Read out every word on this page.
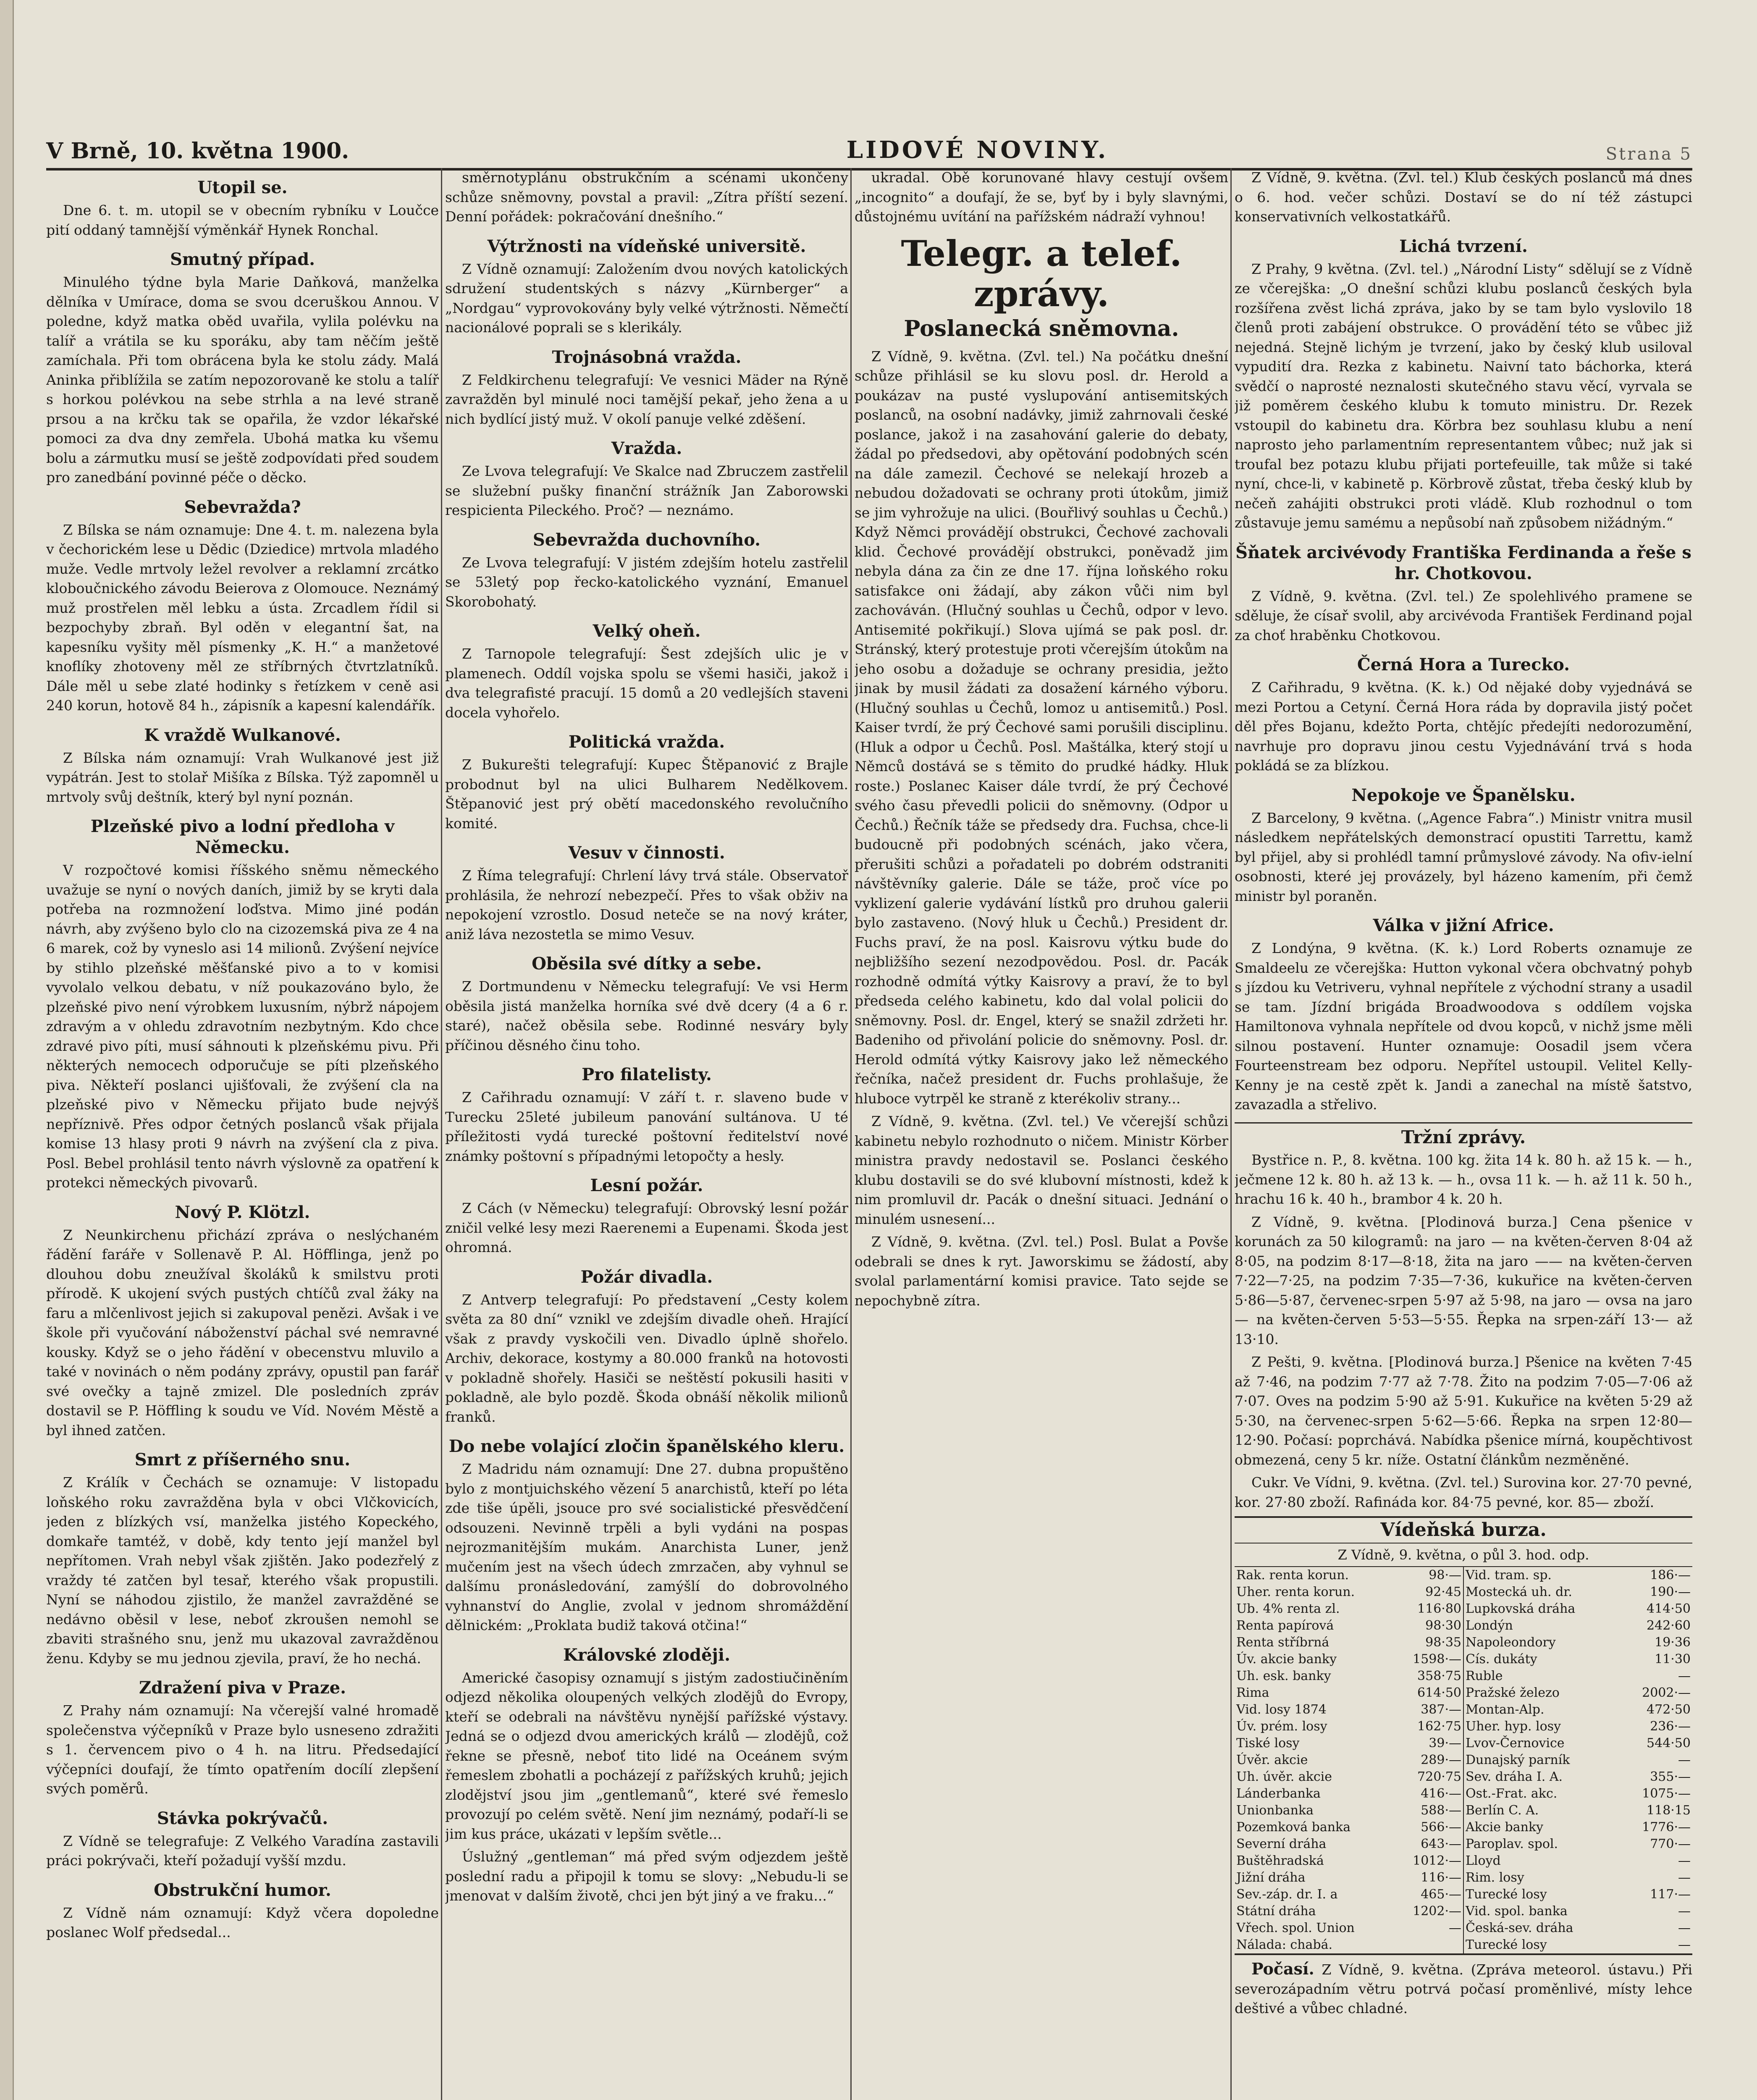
V Brně, 10. května 1900.	LIDOVÉ NOVINY.	Strana 5
Utopil se.

Dne 6. t. m. utopil se v obecním rybníku v Loučce pití oddaný tamnější výměnkář Hynek Ronchal.

Smutný případ.

Minulého týdne byla Marie Daňková, manželka dělníka v Umírace, doma se svou dceruškou Annou. V poledne, když matka oběd uvařila, vylila polévku na talíř a vrátila se ku sporáku, aby tam něčím ještě zamíchala. Při tom obrácena byla ke stolu zády. Malá Aninka přiblížila se zatím nepozorovaně ke stolu a talíř s horkou polévkou na sebe strhla a na levé straně prsou a na krčku tak se opařila, že vzdor lékařské pomoci za dva dny zemřela. Ubohá matka ku všemu bolu a zármutku musí se ještě zodpovídati před soudem pro zanedbání povinné péče o děcko.

Sebevražda?

Z Bílska se nám oznamuje: Dne 4. t. m. nalezena byla v čechorickém lese u Dědic (Dziedice) mrtvola mladého muže. Vedle mrtvoly ležel revolver a reklamní zrcátko kloboučnického závodu Beierova z Olomouce. Neznámý muž prostřelen měl lebku a ústa. Zrcadlem řídil si bezpochyby zbraň. Byl oděn v elegantní šat, na kapesníku vyšity měl písmenky „K. H.“ a manžetové knoflíky zhotoveny měl ze stříbrných čtvrtzlatníků. Dále měl u sebe zlaté hodinky s řetízkem v ceně asi 240 korun, hotově 84 h., zápisník a kapesní kalendářík.

K vraždě Wulkanové.

Z Bílska nám oznamují: Vrah Wulkanové jest již vypátrán. Jest to stolař Mišíka z Bílska. Týž zapomněl u mrtvoly svůj deštník, který byl nyní poznán.

Plzeňské pivo a lodní předloha v Německu.

V rozpočtové komisi říšského sněmu německého uvažuje se nyní o nových daních, jimiž by se kryti dala potřeba na rozmnožení loďstva. Mimo jiné podán návrh, aby zvýšeno bylo clo na cizozemská piva ze 4 na 6 marek, což by vyneslo asi 14 milionů. Zvýšení nejvíce by stihlo plzeňské měšťanské pivo a to v komisi vyvolalo velkou debatu, v níž poukazováno bylo, že plzeňské pivo není výrobkem luxusním, nýbrž nápojem zdravým a v ohledu zdravotním nezbytným. Kdo chce zdravé pivo píti, musí sáhnouti k plzeňskému pivu. Při některých nemocech odporučuje se píti plzeňského piva. Někteří poslanci ujišťovali, že zvýšení cla na plzeňské pivo v Německu přijato bude nejvýš nepříznivě. Přes odpor četných poslanců však přijala komise 13 hlasy proti 9 návrh na zvýšení cla z piva. Posl. Bebel prohlásil tento návrh výslovně za opatření k protekci německých pivovarů.

Nový P. Klötzl.

Z Neunkirchenu přichází zpráva o neslýchaném řádění faráře v Sollenavě P. Al. Höfflinga, jenž po dlouhou dobu zneužíval školáků k smilstvu proti přírodě. K ukojení svých pustých chtíčů zval žáky na faru a mlčenlivost jejich si zakupoval penězi. Avšak i ve škole při vyučování náboženství páchal své nemravné kousky. Když se o jeho řádění v obecenstvu mluvilo a také v novinách o něm podány zprávy, opustil pan farář své ovečky a tajně zmizel. Dle posledních zpráv dostavil se P. Höffling k soudu ve Víd. Novém Městě a byl ihned zatčen.

Smrt z příšerného snu.

Z Králík v Čechách se oznamuje: V listopadu loňského roku zavražděna byla v obci Vlčkovicích, jeden z blízkých vsí, manželka jistého Kopeckého, domkaře tamtéž, v době, kdy tento její manžel byl nepřítomen. Vrah nebyl však zjištěn. Jako podezřelý z vraždy té zatčen byl tesař, kterého však propustili. Nyní se náhodou zjistilo, že manžel zavražděné se nedávno oběsil v lese, neboť zkroušen nemohl se zbaviti strašného snu, jenž mu ukazoval zavražděnou ženu. Kdyby se mu jednou zjevila, praví, že ho nechá.

Zdražení piva v Praze.

Z Prahy nám oznamují: Na včerejší valné hromadě společenstva výčepníků v Praze bylo usneseno zdražiti s 1. červencem pivo o 4 h. na litru. Předsedající výčepníci doufají, že tímto opatřením docílí zlepšení svých poměrů.

Stávka pokrývačů.

Z Vídně se telegrafuje: Z Velkého Varadína zastavili práci pokrývači, kteří požadují vyšší mzdu.

Obstrukční humor.

Z Vídně nám oznamují: Když včera dopoledne poslanec Wolf předsedal...

směrnotyplánu obstrukčním a scénami ukončeny schůze sněmovny, povstal a pravil: „Zítra příští sezení. Denní pořádek: pokračování dnešního.“

Výtržnosti na vídeňské universitě.

Z Vídně oznamují: Založením dvou nových katolických sdružení studentských s názvy „Kürnberger“ a „Nordgau“ vyprovokovány byly velké výtržnosti. Němečtí nacionálové poprali se s klerikály.

Trojnásobná vražda.

Z Feldkirchenu telegrafují: Ve vesnici Mäder na Rýně zavražděn byl minulé noci tamější pekař, jeho žena a u nich bydlící jistý muž. V okolí panuje velké zděšení.

Vražda.

Ze Lvova telegrafují: Ve Skalce nad Zbruczem zastřelil se služební pušky finanční strážník Jan Zaborowski respicienta Pileckého. Proč? — neznámo.

Sebevražda duchovního.

Ze Lvova telegrafují: V jistém zdejším hotelu zastřelil se 53letý pop řecko-katolického vyznání, Emanuel Skorobohatý.

Velký oheň.

Z Tarnopole telegrafují: Šest zdejších ulic je v plamenech. Oddíl vojska spolu se všemi hasiči, jakož i dva telegrafisté pracují. 15 domů a 20 vedlejších staveni docela vyhořelo.

Politická vražda.

Z Bukurešti telegrafují: Kupec Štěpanović z Brajle probodnut byl na ulici Bulharem Nedělkovem. Štěpanović jest prý obětí macedonského revolučního komité.

Vesuv v činnosti.

Z Říma telegrafují: Chrlení lávy trvá stále. Observatoř prohlásila, že nehrozí nebezpečí. Přes to však obživ na nepokojení vzrostlo. Dosud neteče se na nový kráter, aniž láva nezostetla se mimo Vesuv.

Oběsila své dítky a sebe.

Z Dortmundenu v Německu telegrafují: Ve vsi Herm oběsila jistá manželka horníka své dvě dcery (4 a 6 r. staré), načež oběsila sebe. Rodinné nesváry byly příčinou děsného činu toho.

Pro filatelisty.

Z Cařihradu oznamují: V září t. r. slaveno bude v Turecku 25leté jubileum panování sultánova. U té příležitosti vydá turecké poštovní ředitelství nové známky poštovní s případnými letopočty a hesly.

Lesní požár.

Z Cách (v Německu) telegrafují: Obrovský lesní požár zničil velké lesy mezi Raerenemi a Eupenami. Škoda jest ohromná.

Požár divadla.

Z Antverp telegrafují: Po představení „Cesty kolem světa za 80 dní“ vznikl ve zdejším divadle oheň. Hrající však z pravdy vyskočili ven. Divadlo úplně shořelo. Archiv, dekorace, kostymy a 80.000 franků na hotovosti v pokladně shořely. Hasiči se neštěstí pokusili hasiti v pokladně, ale bylo pozdě. Škoda obnáší několik milionů franků.

Do nebe volající zločin španělského kleru.

Z Madridu nám oznamují: Dne 27. dubna propuštěno bylo z montjuichského vězení 5 anarchistů, kteří po léta zde tiše úpěli, jsouce pro své socialistické přesvědčení odsouzeni. Nevinně trpěli a byli vydáni na pospas nejrozmanitějším mukám. Anarchista Luner, jenž mučením jest na všech údech zmrzačen, aby vyhnul se dalšímu pronásledování, zamýšlí do dobrovolného vyhnanství do Anglie, zvolal v jednom shromáždění dělnickém: „Proklata budiž taková otčina!“

Královské zloději.

Americké časopisy oznamují s jistým zadostiučiněním odjezd několika oloupených velkých zlodějů do Evropy, kteří se odebrali na návštěvu nynější pařížské výstavy. Jedná se o odjezd dvou amerických králů — zlodějů, což řekne se přesně, neboť tito lidé na Oceánem svým řemeslem zbohatli a pocházejí z pařížských kruhů; jejich zlodějství jsou jim „gentlemanů“, které své řemeslo provozují po celém světě. Není jim neznámý, podaří-li se jim kus práce, ukázati v lepším světle...

Úslužný „gentleman“ má před svým odjezdem ještě poslední radu a připojil k tomu se slovy: „Nebudu-li se jmenovat v dalším životě, chci jen být jiný a ve fraku...“

ukradal. Obě korunované hlavy cestují ovšem „incognito“ a doufají, že se, byť by i byly slavnými, důstojnému uvítání na pařížském nádraží vyhnou!

Telegr. a telef. zprávy.
Poslanecká sněmovna.

Z Vídně, 9. května. (Zvl. tel.) Na počátku dnešní schůze přihlásil se ku slovu posl. dr. Herold a poukázav na pusté vyslupování antisemitských poslanců, na osobní nadávky, jimiž zahrnovali české poslance, jakož i na zasahování galerie do debaty, žádal po předsedovi, aby opětování podobných scén na dále zamezil. Čechové se nelekají hrozeb a nebudou dožadovati se ochrany proti útokům, jimiž se jim vyhrožuje na ulici. (Bouřlivý souhlas u Čechů.) Když Němci provádějí obstrukci, Čechové zachovali klid. Čechové provádějí obstrukci, poněvadž jim nebyla dána za čin ze dne 17. října loňského roku satisfakce oni žádají, aby zákon vůči nim byl zachováván. (Hlučný souhlas u Čechů, odpor v levo. Antisemité pokřikují.) Slova ujímá se pak posl. dr. Stránský, který protestuje proti včerejším útokům na jeho osobu a dožaduje se ochrany presidia, ježto jinak by musil žádati za dosažení kárného výboru. (Hlučný souhlas u Čechů, lomoz u antisemitů.) Posl. Kaiser tvrdí, že prý Čechové sami porušili disciplinu. (Hluk a odpor u Čechů. Posl. Maštálka, který stojí u Němců dostává se s těmito do prudké hádky. Hluk roste.) Poslanec Kaiser dále tvrdí, že prý Čechové svého času převedli policii do sněmovny. (Odpor u Čechů.) Řečník táže se předsedy dra. Fuchsa, chce-li budoucně při podobných scénách, jako včera, přerušiti schůzi a pořadateli po dobrém odstraniti návštěvníky galerie. Dále se táže, proč více po vyklizení galerie vydávání lístků pro druhou galerii bylo zastaveno. (Nový hluk u Čechů.) President dr. Fuchs praví, že na posl. Kaisrovu výtku bude do nejbližšího sezení nezodpovědou. Posl. dr. Pacák rozhodně odmítá výtky Kaisrovy a praví, že to byl předseda celého kabinetu, kdo dal volal policii do sněmovny. Posl. dr. Engel, který se snažil zdržeti hr. Badeniho od přivolání policie do sněmovny. Posl. dr. Herold odmítá výtky Kaisrovy jako lež německého řečníka, načež president dr. Fuchs prohlašuje, že hluboce vytrpěl ke straně z kterékoliv strany...

Z Vídně, 9. května. (Zvl. tel.) Ve včerejší schůzi kabinetu nebylo rozhodnuto o ničem. Ministr Körber ministra pravdy nedostavil se. Poslanci českého klubu dostavili se do své klubovní místnosti, kdež k nim promluvil dr. Pacák o dnešní situaci. Jednání o minulém usnesení...

Z Vídně, 9. května. (Zvl. tel.) Posl. Bulat a Povše odebrali se dnes k ryt. Jaworskimu se žádostí, aby svolal parlamentární komisi pravice. Tato sejde se nepochybně zítra.

Z Vídně, 9. května. (Zvl. tel.) Klub českých poslanců má dnes o 6. hod. večer schůzi. Dostaví se do ní též zástupci konservativních velkostatkářů.

Lichá tvrzení.

Z Prahy, 9 května. (Zvl. tel.) „Národní Listy“ sdělují se z Vídně ze včerejška: „O dnešní schůzi klubu poslanců českých byla rozšířena zvěst lichá zpráva, jako by se tam bylo vyslovilo 18 členů proti zabájení obstrukce. O provádění této se vůbec již nejedná. Stejně lichým je tvrzení, jako by český klub usiloval vypudití dra. Rezka z kabinetu. Naivní tato báchorka, která svědčí o naprosté neznalosti skutečného stavu věcí, vyrvala se již poměrem českého klubu k tomuto ministru. Dr. Rezek vstoupil do kabinetu dra. Körbra bez souhlasu klubu a není naprosto jeho parlamentním representantem vůbec; nuž jak si troufal bez potazu klubu přijati portefeuille, tak může si také nyní, chce-li, v kabinetě p. Körbrově zůstat, třeba český klub by nečeň zahájiti obstrukci proti vládě. Klub rozhodnul o tom zůstavuje jemu samému a nepůsobí naň způsobem nižádným.“

Šňatek arcivévody Františka Ferdinanda a řeše s hr. Chotkovou.

Z Vídně, 9. května. (Zvl. tel.) Ze spolehlivého pramene se sděluje, že císař svolil, aby arcivévoda František Ferdinand pojal za choť hraběnku Chotkovou.

Černá Hora a Turecko.

Z Cařihradu, 9 května. (K. k.) Od nějaké doby vyjednává se mezi Portou a Cetyní. Černá Hora ráda by dopravila jistý počet děl přes Bojanu, kdežto Porta, chtějíc předejíti nedorozumění, navrhuje pro dopravu jinou cestu Vyjednávání trvá s hoda pokládá se za blízkou.

Nepokoje ve Španělsku.

Z Barcelony, 9 května. („Agence Fabra“.) Ministr vnitra musil následkem nepřátelských demonstrací opustiti Tarrettu, kamž byl přijel, aby si prohlédl tamní průmyslové závody. Na ofiv-ielní osobnosti, které jej provázely, byl házeno kamením, při čemž ministr byl poraněn.

Válka v jižní Africe.

Z Londýna, 9 května. (K. k.) Lord Roberts oznamuje ze Smaldeelu ze včerejška: Hutton vykonal včera obchvatný pohyb s jízdou ku Vetriveru, vyhnal nepřítele z východní strany a usadil se tam. Jízdní brigáda Broadwoodova s oddílem vojska Hamiltonova vyhnala nepřítele od dvou kopců, v nichž jsme měli silnou postavení. Hunter oznamuje: Oosadil jsem včera Fourteenstream bez odporu. Nepřítel ustoupil. Velitel Kelly-Kenny je na cestě zpět k. Jandi a zanechal na místě šatstvo, zavazadla a střelivo.

Tržní zprávy.

Bystřice n. P., 8. května. 100 kg. žita 14 k. 80 h. až 15 k. — h., ječmene 12 k. 80 h. až 13 k. — h., ovsa 11 k. — h. až 11 k. 50 h., hrachu 16 k. 40 h., brambor 4 k. 20 h.

Z Vídně, 9. května. [Plodinová burza.] Cena pšenice v korunách za 50 kilogramů: na jaro — na květen-červen 8·04 až 8·05, na podzim 8·17—8·18, žita na jaro —— na květen-červen 7·22—7·25, na podzim 7·35—7·36, kukuřice na květen-červen 5·86—5·87, červenec-srpen 5·97 až 5·98, na jaro — ovsa na jaro — na květen-červen 5·53—5·55. Řepka na srpen-září 13·— až 13·10.

Z Pešti, 9. května. [Plodinová burza.] Pšenice na květen 7·45 až 7·46, na podzim 7·77 až 7·78. Žito na podzim 7·05—7·06 až 7·07. Oves na podzim 5·90 až 5·91. Kukuřice na květen 5·29 až 5·30, na červenec-srpen 5·62—5·66. Řepka na srpen 12·80—12·90. Počasí: poprchává. Nabídka pšenice mírná, koupěchtivost obmezená, ceny 5 kr. níže. Ostatní článkům nezměněné.

Cukr. Ve Vídni, 9. května. (Zvl. tel.) Surovina kor. 27·70 pevné, kor. 27·80 zboží. Rafináda kor. 84·75 pevné, kor. 85— zboží.

Vídeňská burza.
Z Vídně, 9. května, o půl 3. hod. odp.
Rak. renta korun.	98·—
Uher. renta korun.	92·45
Ub. 4% renta zl.	116·80
Renta papírová	98·30
Renta stříbrná	98·35
Úv. akcie banky	1598·—
Uh. esk. banky	358·75
Rima	614·50
Vid. losy 1874	387·—
Úv. prém. losy	162·75
Tiské losy	39·—
Úvěr. akcie	289·—
Uh. úvěr. akcie	720·75
Lánderbanka	416·—
Unionbanka	588·—
Pozemková banka	566·—
Severní dráha	643·—
Buštěhradská	1012·—
Jižní dráha	116·—
Sev.-záp. dr. I. a	465·—
Státní dráha	1202·—
Vřech. spol. Union	—
Nálada: chabá.	
Vid. tram. sp.	186·—
Mostecká uh. dr.	190·—
Lupkovská dráha	414·50
Londýn	242·60
Napoleondory	19·36
Cís. dukáty	11·30
Ruble	—
Pražské železo	2002·—
Montan-Alp.	472·50
Uher. hyp. losy	236·—
Lvov-Černovice	544·50
Dunajský parník	—
Sev. dráha I. A.	355·—
Ost.-Frat. akc.	1075·—
Berlín C. A.	118·15
Akcie banky	1776·—
Paroplav. spol.	770·—
Lloyd	—
Rim. losy	—
Turecké losy	117·—
Vid. spol. banka	—
Česká-sev. dráha	—
Turecké losy	—
Počasí. Z Vídně, 9. května. (Zpráva meteorol. ústavu.) Při severozápadním větru potrvá počasí proměnlivé, místy lehce deštivé a vůbec chladné.
